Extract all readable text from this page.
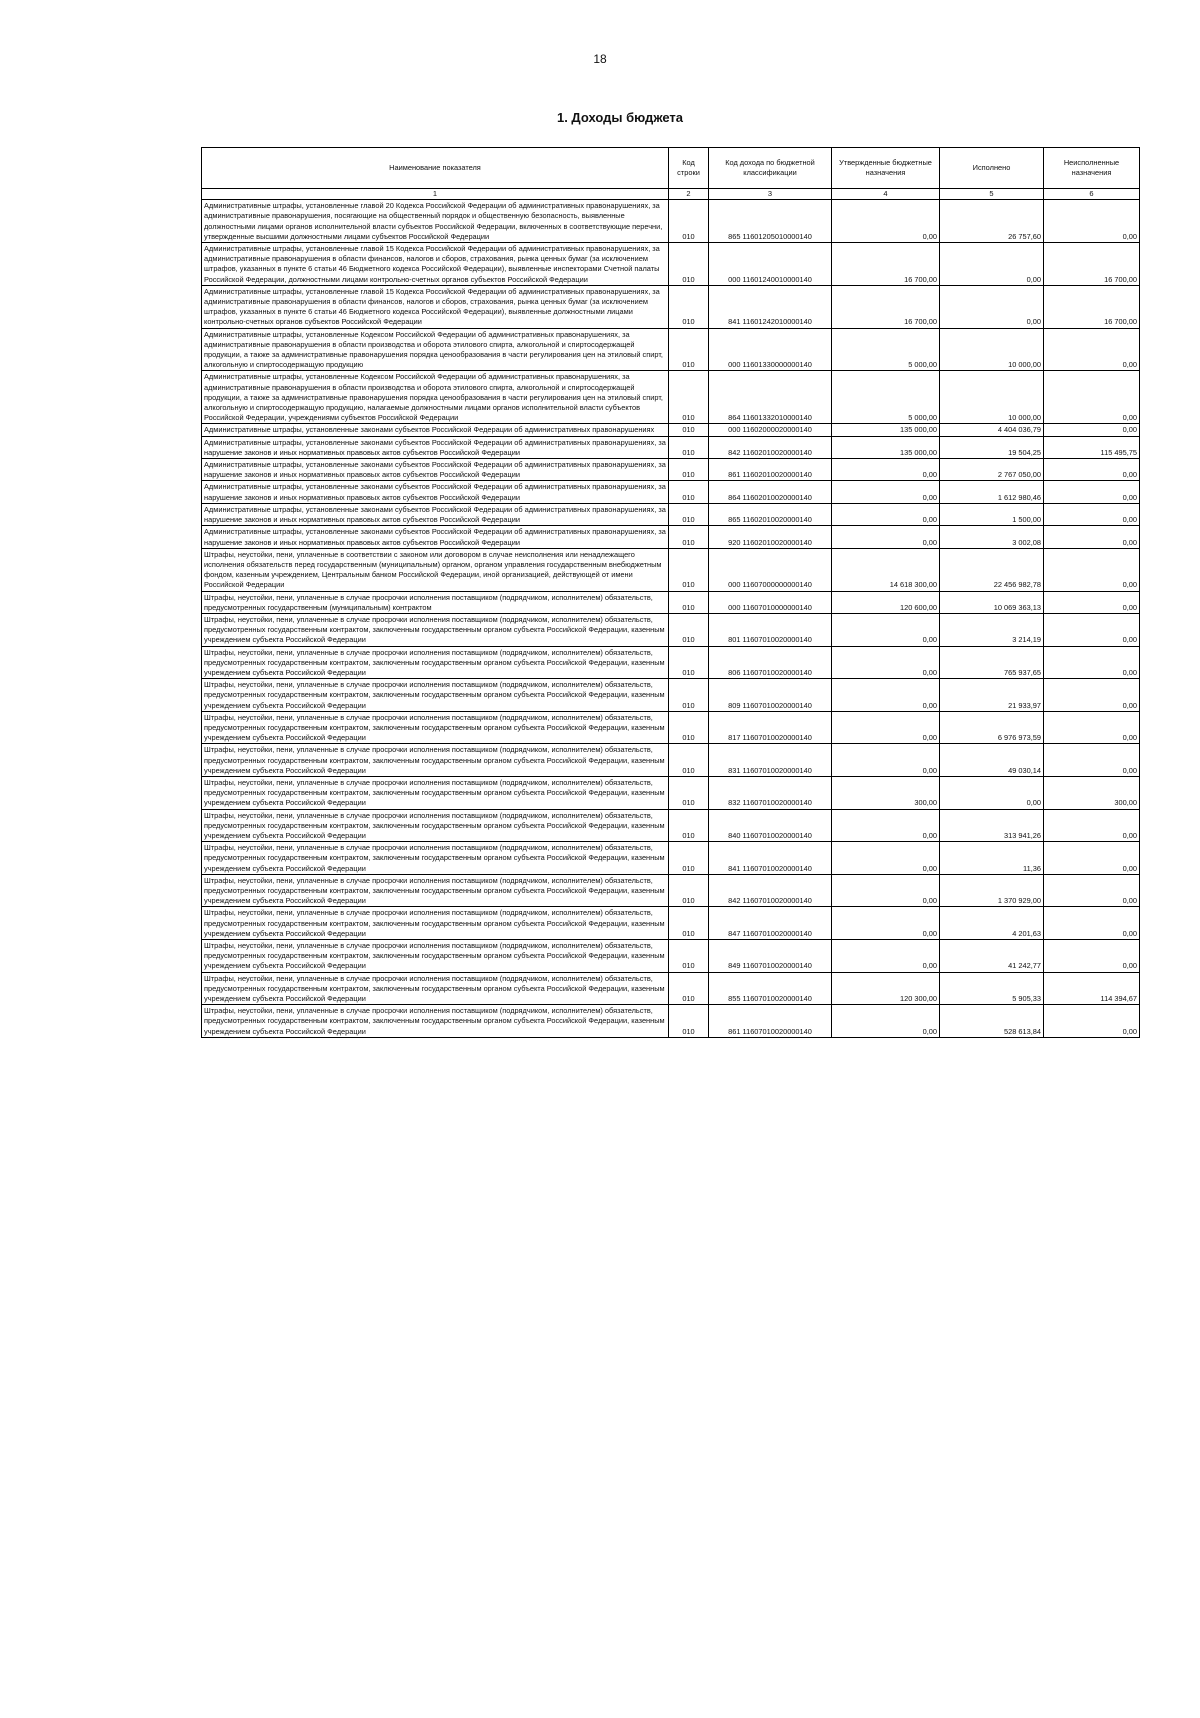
18
1. Доходы бюджета
Наименование показателя	Код строки	Код дохода по бюджетной классификации	Утвержденные бюджетные назначения	Исполнено	Неисполненные назначения
1	2	3	4	5	6
Административные штрафы, установленные главой 20 Кодекса Российской Федерации об административных правонарушениях, за административные правонарушения, посягающие на общественный порядок и общественную безопасность, выявленные должностными лицами органов исполнительной власти субъектов Российской Федерации, включенных в соответствующие перечни, утвержденные высшими должностными лицами субъектов Российской Федерации	010	865 11601205010000140	0,00	26 757,60	0,00
Административные штрафы, установленные главой 15 Кодекса Российской Федерации об административных правонарушениях, за административные правонарушения в области финансов, налогов и сборов, страхования, рынка ценных бумаг (за исключением штрафов, указанных в пункте 6 статьи 46 Бюджетного кодекса Российской Федерации), выявленные инспекторами Счетной палаты Российской Федерации, должностными лицами контрольно-счетных органов субъектов Российской Федерации	010	000 11601240010000140	16 700,00	0,00	16 700,00
Административные штрафы, установленные главой 15 Кодекса Российской Федерации об административных правонарушениях, за административные правонарушения в области финансов, налогов и сборов, страхования, рынка ценных бумаг (за исключением штрафов, указанных в пункте 6 статьи 46 Бюджетного кодекса Российской Федерации), выявленные должностными лицами контрольно-счетных органов субъектов Российской Федерации	010	841 11601242010000140	16 700,00	0,00	16 700,00
Административные штрафы, установленные Кодексом Российской Федерации об административных правонарушениях, за административные правонарушения в области производства и оборота этилового спирта, алкогольной и спиртосодержащей продукции, а также за административные правонарушения порядка ценообразования в части регулирования цен на этиловый спирт, алкогольную и спиртосодержащую продукцию	010	000 11601330000000140	5 000,00	10 000,00	0,00
Административные штрафы, установленные Кодексом Российской Федерации об административных правонарушениях, за административные правонарушения в области производства и оборота этилового спирта, алкогольной и спиртосодержащей продукции, а также за административные правонарушения порядка ценообразования в части регулирования цен на этиловый спирт, алкогольную и спиртосодержащую продукцию, налагаемые должностными лицами органов исполнительной власти субъектов Российской Федерации, учреждениями субъектов Российской Федерации	010	864 11601332010000140	5 000,00	10 000,00	0,00
Административные штрафы, установленные законами субъектов Российской Федерации об административных правонарушениях	010	000 11602000020000140	135 000,00	4 404 036,79	0,00
Административные штрафы, установленные законами субъектов Российской Федерации об административных правонарушениях, за нарушение законов и иных нормативных правовых актов субъектов Российской Федерации	010	842 11602010020000140	135 000,00	19 504,25	115 495,75
Административные штрафы, установленные законами субъектов Российской Федерации об административных правонарушениях, за нарушение законов и иных нормативных правовых актов субъектов Российской Федерации	010	861 11602010020000140	0,00	2 767 050,00	0,00
Административные штрафы, установленные законами субъектов Российской Федерации об административных правонарушениях, за нарушение законов и иных нормативных правовых актов субъектов Российской Федерации	010	864 11602010020000140	0,00	1 612 980,46	0,00
Административные штрафы, установленные законами субъектов Российской Федерации об административных правонарушениях, за нарушение законов и иных нормативных правовых актов субъектов Российской Федерации	010	865 11602010020000140	0,00	1 500,00	0,00
Административные штрафы, установленные законами субъектов Российской Федерации об административных правонарушениях, за нарушение законов и иных нормативных правовых актов субъектов Российской Федерации	010	920 11602010020000140	0,00	3 002,08	0,00
Штрафы, неустойки, пени, уплаченные в соответствии с законом или договором в случае неисполнения или ненадлежащего исполнения обязательств перед государственным (муниципальным) органом, органом управления государственным внебюджетным фондом, казенным учреждением, Центральным банком Российской Федерации, иной организацией, действующей от имени Российской Федерации	010	000 11607000000000140	14 618 300,00	22 456 982,78	0,00
Штрафы, неустойки, пени, уплаченные в случае просрочки исполнения поставщиком (подрядчиком, исполнителем) обязательств, предусмотренных государственным (муниципальным) контрактом	010	000 11607010000000140	120 600,00	10 069 363,13	0,00
Штрафы, неустойки, пени, уплаченные в случае просрочки исполнения поставщиком (подрядчиком, исполнителем) обязательств, предусмотренных государственным контрактом, заключенным государственным органом субъекта Российской Федерации, казенным учреждением субъекта Российской Федерации	010	801 11607010020000140	0,00	3 214,19	0,00
Штрафы, неустойки, пени, уплаченные в случае просрочки исполнения поставщиком (подрядчиком, исполнителем) обязательств, предусмотренных государственным контрактом, заключенным государственным органом субъекта Российской Федерации, казенным учреждением субъекта Российской Федерации	010	806 11607010020000140	0,00	765 937,65	0,00
Штрафы, неустойки, пени, уплаченные в случае просрочки исполнения поставщиком (подрядчиком, исполнителем) обязательств, предусмотренных государственным контрактом, заключенным государственным органом субъекта Российской Федерации, казенным учреждением субъекта Российской Федерации	010	809 11607010020000140	0,00	21 933,97	0,00
Штрафы, неустойки, пени, уплаченные в случае просрочки исполнения поставщиком (подрядчиком, исполнителем) обязательств, предусмотренных государственным контрактом, заключенным государственным органом субъекта Российской Федерации, казенным учреждением субъекта Российской Федерации	010	817 11607010020000140	0,00	6 976 973,59	0,00
Штрафы, неустойки, пени, уплаченные в случае просрочки исполнения поставщиком (подрядчиком, исполнителем) обязательств, предусмотренных государственным контрактом, заключенным государственным органом субъекта Российской Федерации, казенным учреждением субъекта Российской Федерации	010	831 11607010020000140	0,00	49 030,14	0,00
Штрафы, неустойки, пени, уплаченные в случае просрочки исполнения поставщиком (подрядчиком, исполнителем) обязательств, предусмотренных государственным контрактом, заключенным государственным органом субъекта Российской Федерации, казенным учреждением субъекта Российской Федерации	010	832 11607010020000140	300,00	0,00	300,00
Штрафы, неустойки, пени, уплаченные в случае просрочки исполнения поставщиком (подрядчиком, исполнителем) обязательств, предусмотренных государственным контрактом, заключенным государственным органом субъекта Российской Федерации, казенным учреждением субъекта Российской Федерации	010	840 11607010020000140	0,00	313 941,26	0,00
Штрафы, неустойки, пени, уплаченные в случае просрочки исполнения поставщиком (подрядчиком, исполнителем) обязательств, предусмотренных государственным контрактом, заключенным государственным органом субъекта Российской Федерации, казенным учреждением субъекта Российской Федерации	010	841 11607010020000140	0,00	11,36	0,00
Штрафы, неустойки, пени, уплаченные в случае просрочки исполнения поставщиком (подрядчиком, исполнителем) обязательств, предусмотренных государственным контрактом, заключенным государственным органом субъекта Российской Федерации, казенным учреждением субъекта Российской Федерации	010	842 11607010020000140	0,00	1 370 929,00	0,00
Штрафы, неустойки, пени, уплаченные в случае просрочки исполнения поставщиком (подрядчиком, исполнителем) обязательств, предусмотренных государственным контрактом, заключенным государственным органом субъекта Российской Федерации, казенным учреждением субъекта Российской Федерации	010	847 11607010020000140	0,00	4 201,63	0,00
Штрафы, неустойки, пени, уплаченные в случае просрочки исполнения поставщиком (подрядчиком, исполнителем) обязательств, предусмотренных государственным контрактом, заключенным государственным органом субъекта Российской Федерации, казенным учреждением субъекта Российской Федерации	010	849 11607010020000140	0,00	41 242,77	0,00
Штрафы, неустойки, пени, уплаченные в случае просрочки исполнения поставщиком (подрядчиком, исполнителем) обязательств, предусмотренных государственным контрактом, заключенным государственным органом субъекта Российской Федерации, казенным учреждением субъекта Российской Федерации	010	855 11607010020000140	120 300,00	5 905,33	114 394,67
Штрафы, неустойки, пени, уплаченные в случае просрочки исполнения поставщиком (подрядчиком, исполнителем) обязательств, предусмотренных государственным контрактом, заключенным государственным органом субъекта Российской Федерации, казенным учреждением субъекта Российской Федерации	010	861 11607010020000140	0,00	528 613,84	0,00
